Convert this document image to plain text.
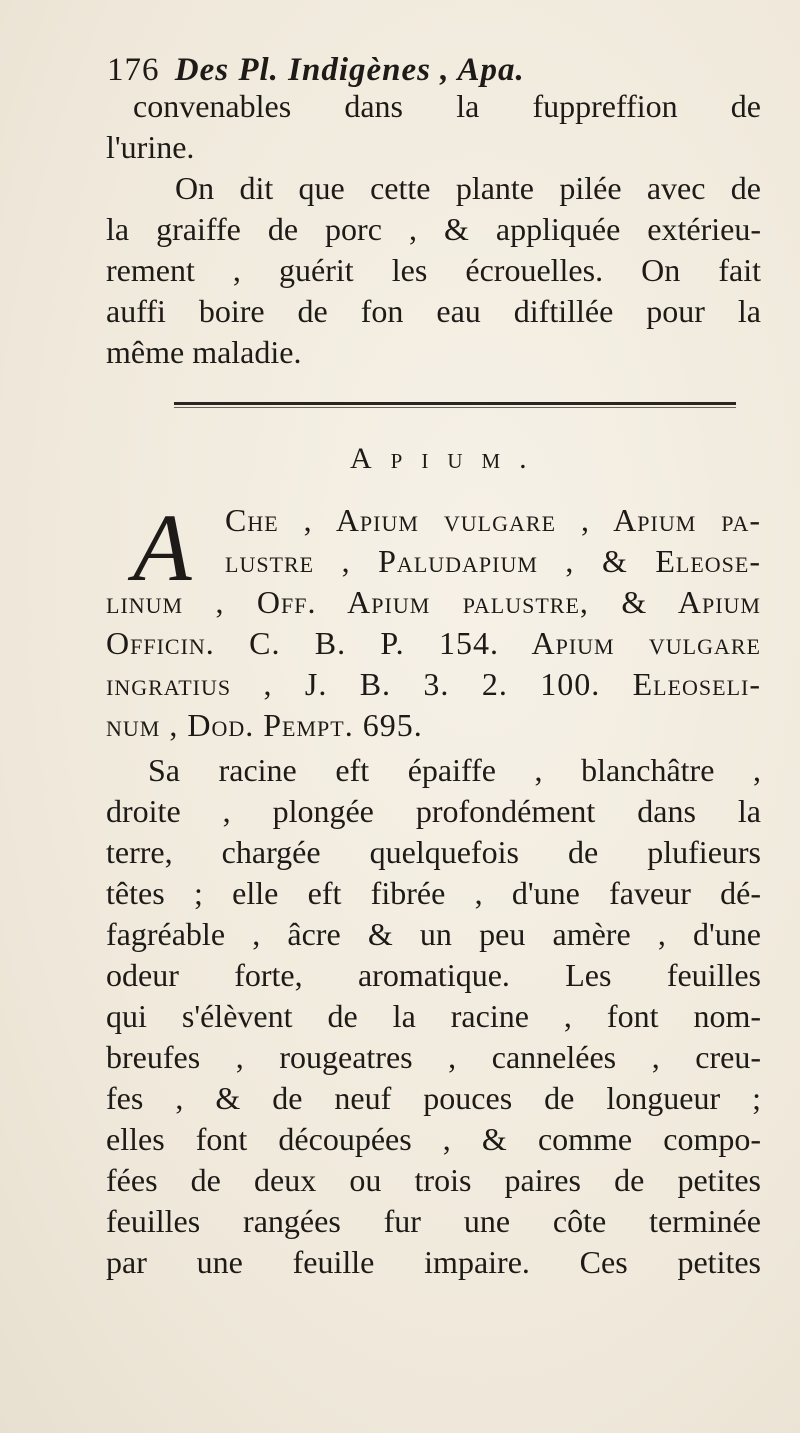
176 Des Pl. Indigènes , Apa.
convenables dans la fuppreffion de
l'urine.
On dit que cette plante pilée avec de
la graiffe de porc , & appliquée extérieu-
rement , guérit les écrouelles. On fait
auffi boire de fon eau diftillée pour la
même maladie.
Apium.
A Che , Apium vulgare , Apium pa-
lustre , Paludapium , & Eleose-
linum , Off. Apium palustre, & Apium
Officin. C. B. P. 154. Apium vulgare
ingratius , J. B. 3. 2. 100. Eleoseli-
num , Dod. Pempt. 695.
Sa racine eft épaiffe , blanchâtre ,
droite , plongée profondément dans la
terre, chargée quelquefois de plufieurs
têtes ; elle eft fibrée , d'une faveur dé-
fagréable , âcre & un peu amère , d'une
odeur forte, aromatique. Les feuilles
qui s'élèvent de la racine , font nom-
breufes , rougeatres , cannelées , creu-
fes , & de neuf pouces de longueur ;
elles font découpées , & comme compo-
fées de deux ou trois paires de petites
feuilles rangées fur une côte terminée
par une feuille impaire. Ces petites
